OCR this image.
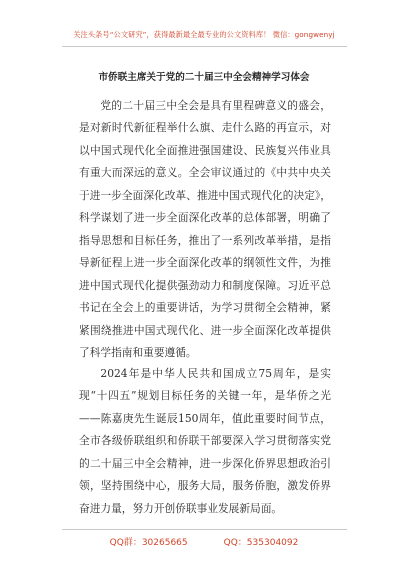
关注头条号“公文研究”，获得最新最全最专业的公文资料库！ 微信：gongwenyj
市侨联主席关于党的二十届三中全会精神学习体会

党的二十届三中全会是具有里程碑意义的盛会，是对新时代新征程举什么旗、走什么路的再宣示，对以中国式现代化全面推进强国建设、民族复兴伟业具有重大而深远的意义。全会审议通过的《中共中央关于进一步全面深化改革、推进中国式现代化的决定》，科学谋划了进一步全面深化改革的总体部署，明确了指导思想和目标任务，推出了一系列改革举措，是指导新征程上进一步全面深化改革的纲领性文件，为推进中国式现代化提供强劲动力和制度保障。习近平总书记在全会上的重要讲话，为学习贯彻全会精神，紧紧围绕推进中国式现代化、进一步全面深化改革提供了科学指南和重要遵循。

2024年是中华人民共和国成立75周年，是实现“十四五”规划目标任务的关键一年，是华侨之光——陈嘉庚先生诞辰150周年，值此重要时间节点，全市各级侨联组织和侨联干部要深入学习贯彻落实党的二十届三中全会精神，进一步深化侨界思想政治引领，坚持围绕中心，服务大局，服务侨胞，激发侨界奋进力量，努力开创侨联事业发展新局面。

QQ群：30265665	QQ：535304092
